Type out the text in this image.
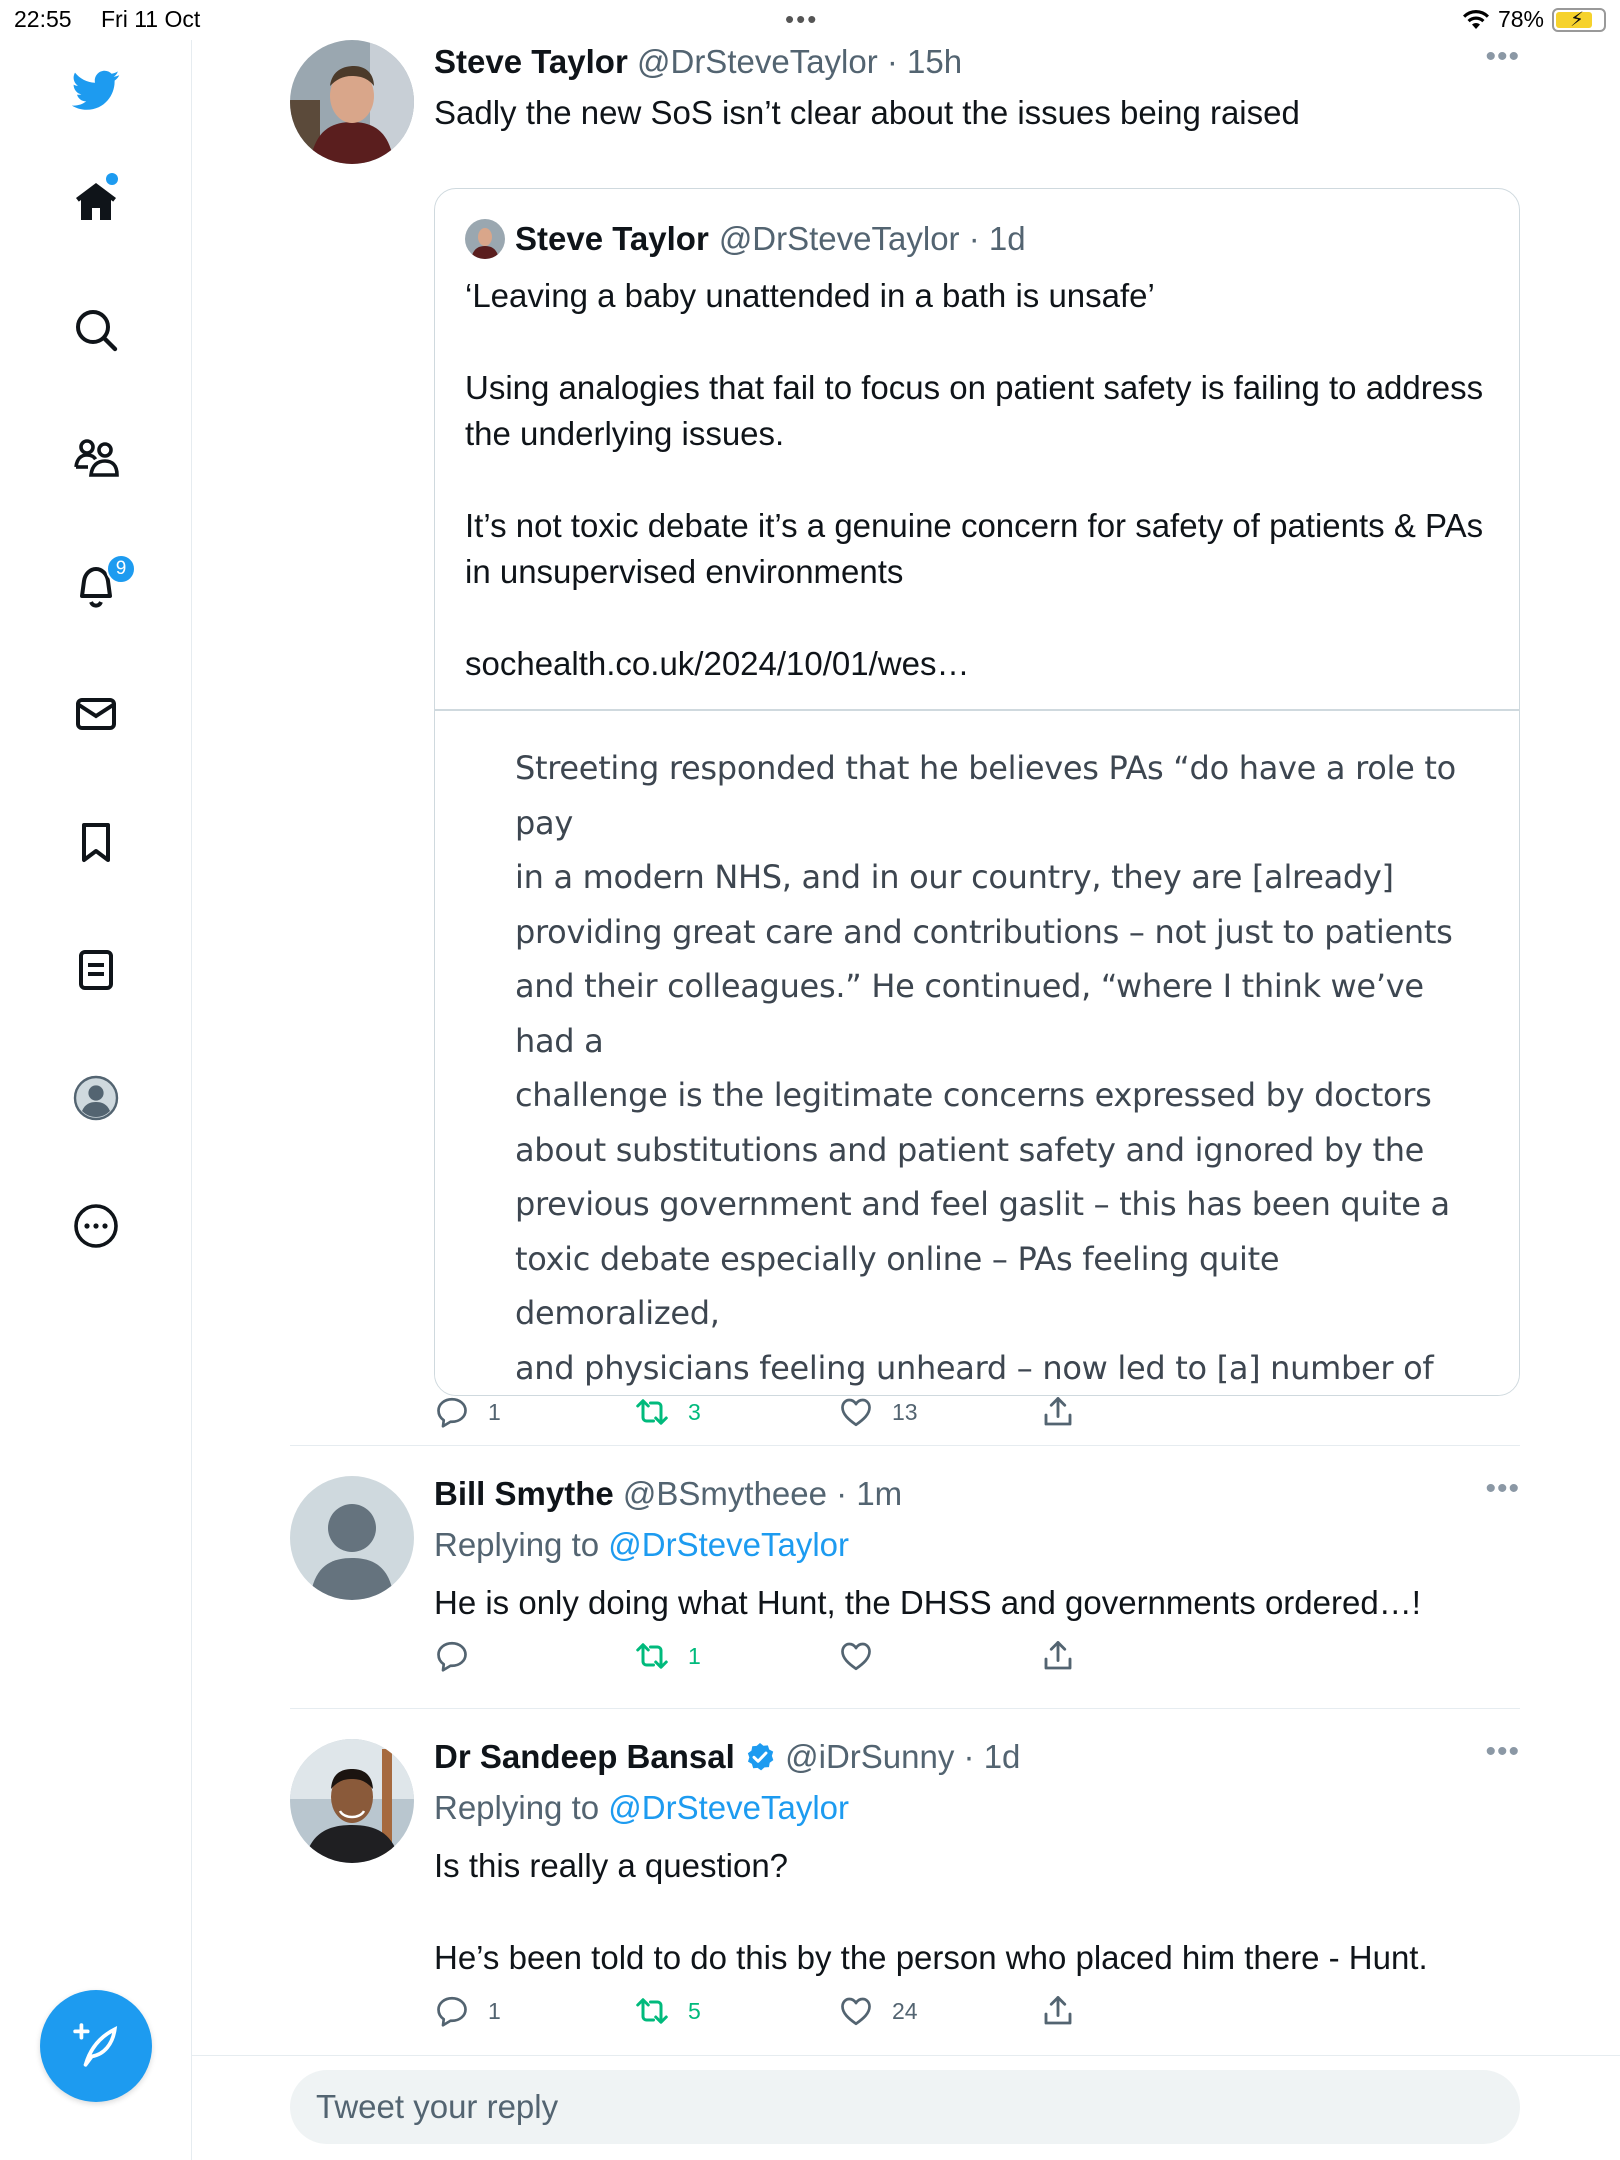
22:55 Fri 11 Oct	•••	78% ⚡
9
Steve Taylor @DrSteveTaylor · 15h	•••
Sadly the new SoS isn’t clear about the issues being raised
Steve Taylor @DrSteveTaylor · 1d

‘Leaving a baby unattended in a bath is unsafe’

Using analogies that fail to focus on patient safety is failing to address the underlying issues.

It’s not toxic debate it’s a genuine concern for safety of patients & PAs in unsupervised environments

sochealth.co.uk/2024/10/01/wes…

Streeting responded that he believes PAs “do have a role to pay

in a modern NHS, and in our country, they are [already]

providing great care and contributions – not just to patients

and their colleagues.” He continued, “where I think we’ve had a

challenge is the legitimate concerns expressed by doctors

about substitutions and patient safety and ignored by the

previous government and feel gaslit – this has been quite a

toxic debate especially online – PAs feeling quite demoralized,

and physicians feeling unheard – now led to [a] number of

1	3	13
Bill Smythe @BSmytheee · 1m	•••
Replying to @DrSteveTaylor
He is only doing what Hunt, the DHSS and governments ordered…!
1
Dr Sandeep Bansal @iDrSunny · 1d	•••
Replying to @DrSteveTaylor
Is this really a question?
He’s been told to do this by the person who placed him there - Hunt.
1	5	24
Tweet your reply
